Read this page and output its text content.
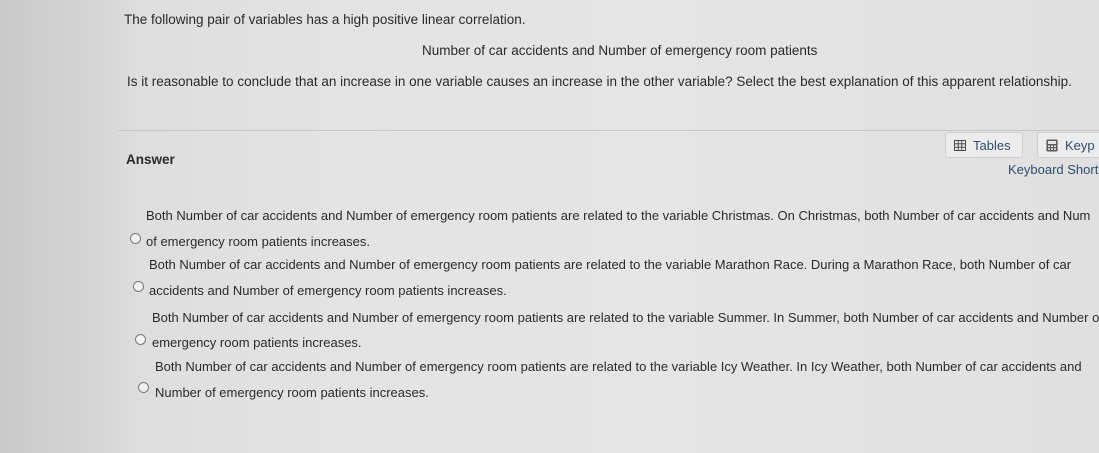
The following pair of variables has a high positive linear correlation.
Number of car accidents and Number of emergency room patients
Is it reasonable to conclude that an increase in one variable causes an increase in the other variable? Select the best explanation of this apparent relationship.
Answer
Tables	Keyp
Keyboard Short
Both Number of car accidents and Number of emergency room patients are related to the variable Christmas. On Christmas, both Number of car accidents and Num
of emergency room patients increases.
Both Number of car accidents and Number of emergency room patients are related to the variable Marathon Race. During a Marathon Race, both Number of car
accidents and Number of emergency room patients increases.
Both Number of car accidents and Number of emergency room patients are related to the variable Summer. In Summer, both Number of car accidents and Number o
emergency room patients increases.
Both Number of car accidents and Number of emergency room patients are related to the variable Icy Weather. In Icy Weather, both Number of car accidents and
Number of emergency room patients increases.
